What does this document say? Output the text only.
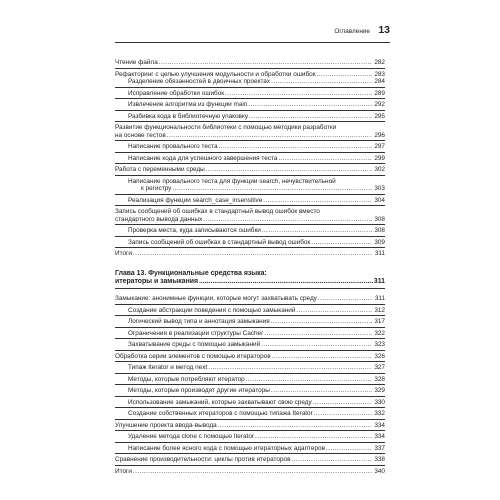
Оглавление 13
Чтение файла .....	282
Рефакторинг с целью улучшения модульности и обработки ошибок .....	283
Разделение обязанностей в двоичных проектах .....	284
Исправление обработки ошибок .....	289
Извлечение алгоритма из функции main .....	292
Разбивка кода в библиотечную упаковку .....	295
Развитие функциональности библиотеки с помощью методики разработки
на основе тестов .....	296
Написание провального теста .....	297
Написание кода для успешного завершения теста .....	299
Работа с переменными среды .....	302
Написание провального теста для функции search, нечувствительной
к регистру .....	303
Реализация функции search_case_insensitive .....	304
Запись сообщений об ошибках в стандартный вывод ошибок вместо
стандартного вывода данных .....	308
Проверка места, куда записываются ошибки .....	308
Запись сообщений об ошибках в стандартный вывод ошибок .....	309
Итоги .....	311
Глава 13. Функциональные средства языка:
итераторы и замыкания .....	311
Замыкание: анонимные функции, которые могут захватывать среду .....	311
Создание абстракции поведения с помощью замыканий .....	312
Логический вывод типа и аннотация замыкания .....	317
Ограничения в реализации структуры Cacher .....	322
Захватывание среды с помощью замыканий .....	323
Обработка серии элементов с помощью итераторов .....	326
Типаж Iterator и метод next .....	327
Методы, которые потребляют итератор .....	328
Методы, которые производят другие итераторы .....	329
Использование замыканий, которые захватывают свою среду .....	330
Создание собственных итераторов с помощью типажа Iterator .....	332
Улучшение проекта ввода-вывода .....	334
Удаление метода clone с помощью Iterator .....	334
Написание более ясного кода с помощью итераторных адаптеров .....	337
Сравнение производительности: циклы против итераторов .....	338
Итоги .....	340
